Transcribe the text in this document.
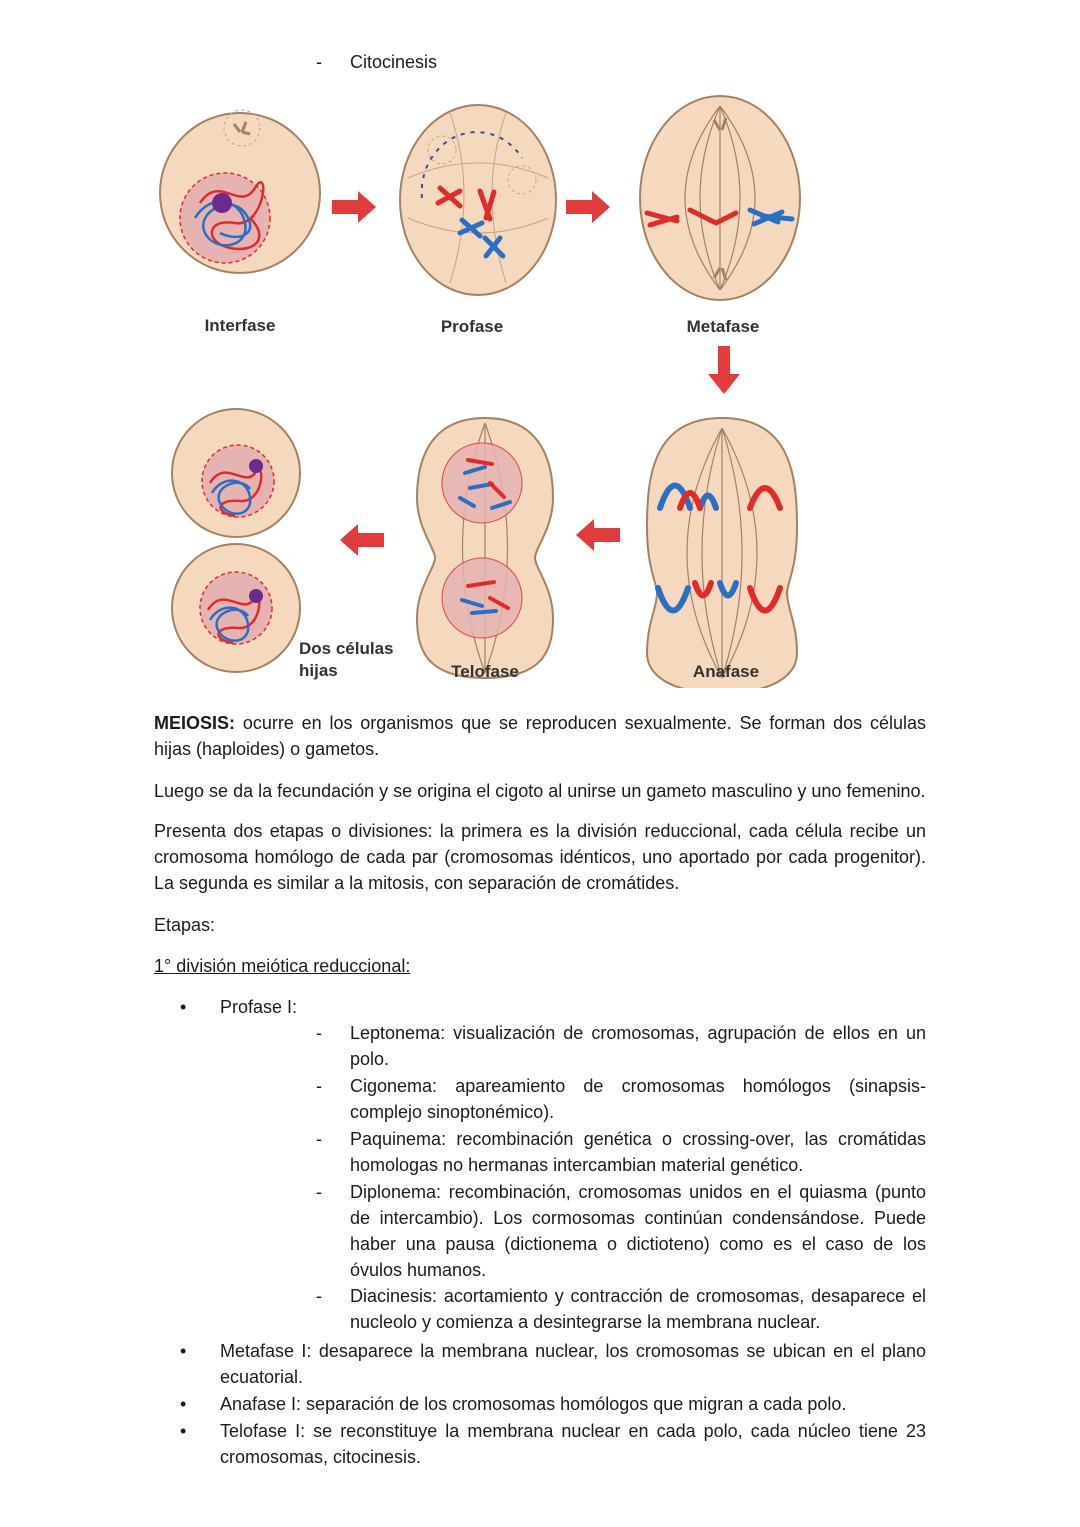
- Citocinesis
Interfase	Profase	Metafase
Dos células
hijas	Telofase	Anafase
MEIOSIS: ocurre en los organismos que se reproducen sexualmente. Se forman dos células hijas (haploides) o gametos.
Luego se da la fecundación y se origina el cigoto al unirse un gameto masculino y uno femenino.
Presenta dos etapas o divisiones: la primera es la división reduccional, cada célula recibe un cromosoma homólogo de cada par (cromosomas idénticos, uno aportado por cada progenitor). La segunda es similar a la mitosis, con separación de cromátides.
Etapas:
1° división meiótica reduccional:
• Profase I:
- Leptonema: visualización de cromosomas, agrupación de ellos en un polo.
- Cigonema: apareamiento de cromosomas homólogos (sinapsis-complejo sinoptonémico).
- Paquinema: recombinación genética o crossing-over, las cromátidas homologas no hermanas intercambian material genético.
- Diplonema: recombinación, cromosomas unidos en el quiasma (punto de intercambio). Los cormosomas continúan condensándose. Puede haber una pausa (dictionema o dictioteno) como es el caso de los óvulos humanos.
- Diacinesis: acortamiento y contracción de cromosomas, desaparece el nucleolo y comienza a desintegrarse la membrana nuclear.
• Metafase I: desaparece la membrana nuclear, los cromosomas se ubican en el plano ecuatorial.
• Anafase I: separación de los cromosomas homólogos que migran a cada polo.
• Telofase I: se reconstituye la membrana nuclear en cada polo, cada núcleo tiene 23 cromosomas, citocinesis.
